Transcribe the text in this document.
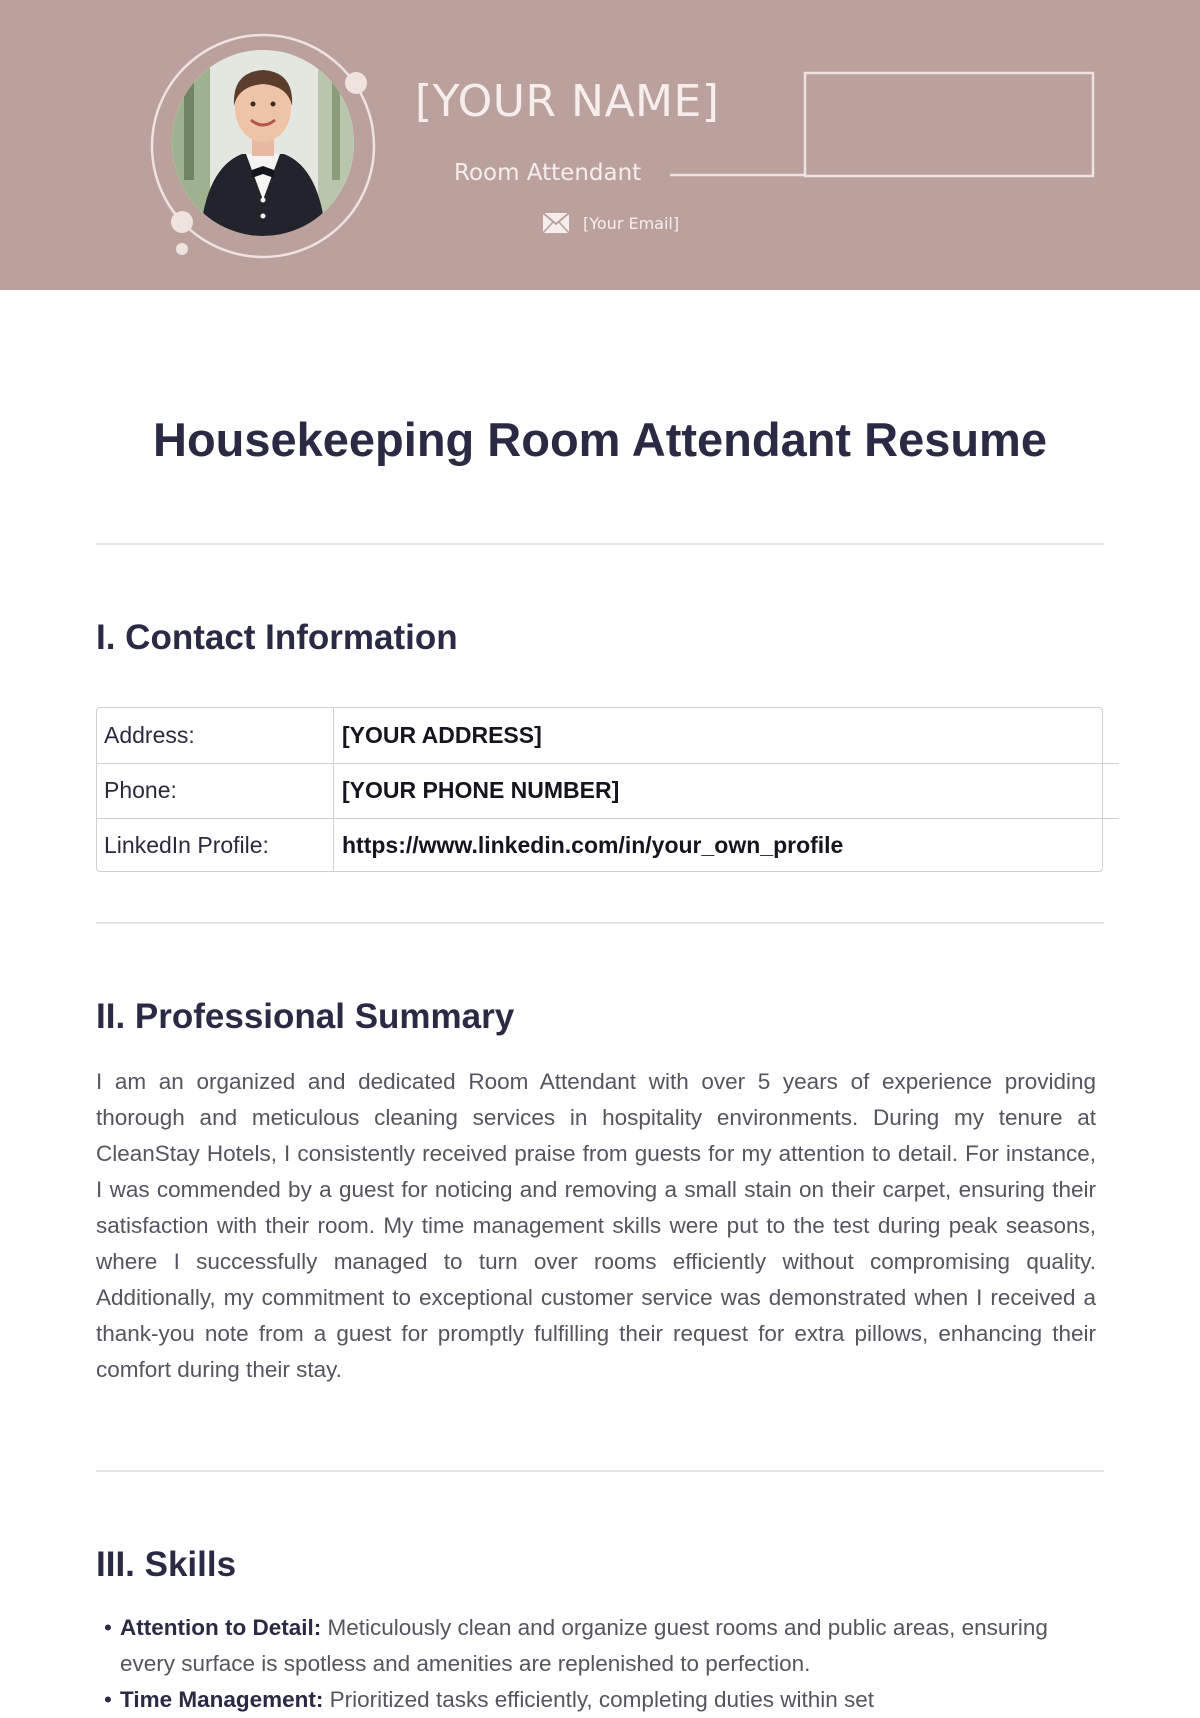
[YOUR NAME]
Room Attendant
[Your Email]
Housekeeping Room Attendant Resume
I. Contact Information
Address:	[YOUR ADDRESS]
Phone:	[YOUR PHONE NUMBER]
LinkedIn Profile:	https://www.linkedin.com/in/your_own_profile
II. Professional Summary
I am an organized and dedicated Room Attendant with over 5 years of experience providing thorough and meticulous cleaning services in hospitality environments. During my tenure at CleanStay Hotels, I consistently received praise from guests for my attention to detail. For instance, I was commended by a guest for noticing and removing a small stain on their carpet, ensuring their satisfaction with their room. My time management skills were put to the test during peak seasons, where I successfully managed to turn over rooms efficiently without compromising quality. Additionally, my commitment to exceptional customer service was demonstrated when I received a thank-you note from a guest for promptly fulfilling their request for extra pillows, enhancing their comfort during their stay.
III. Skills
• Attention to Detail: Meticulously clean and organize guest rooms and public areas, ensuring every surface is spotless and amenities are replenished to perfection.
• Time Management: Prioritized tasks efficiently, completing duties within set
